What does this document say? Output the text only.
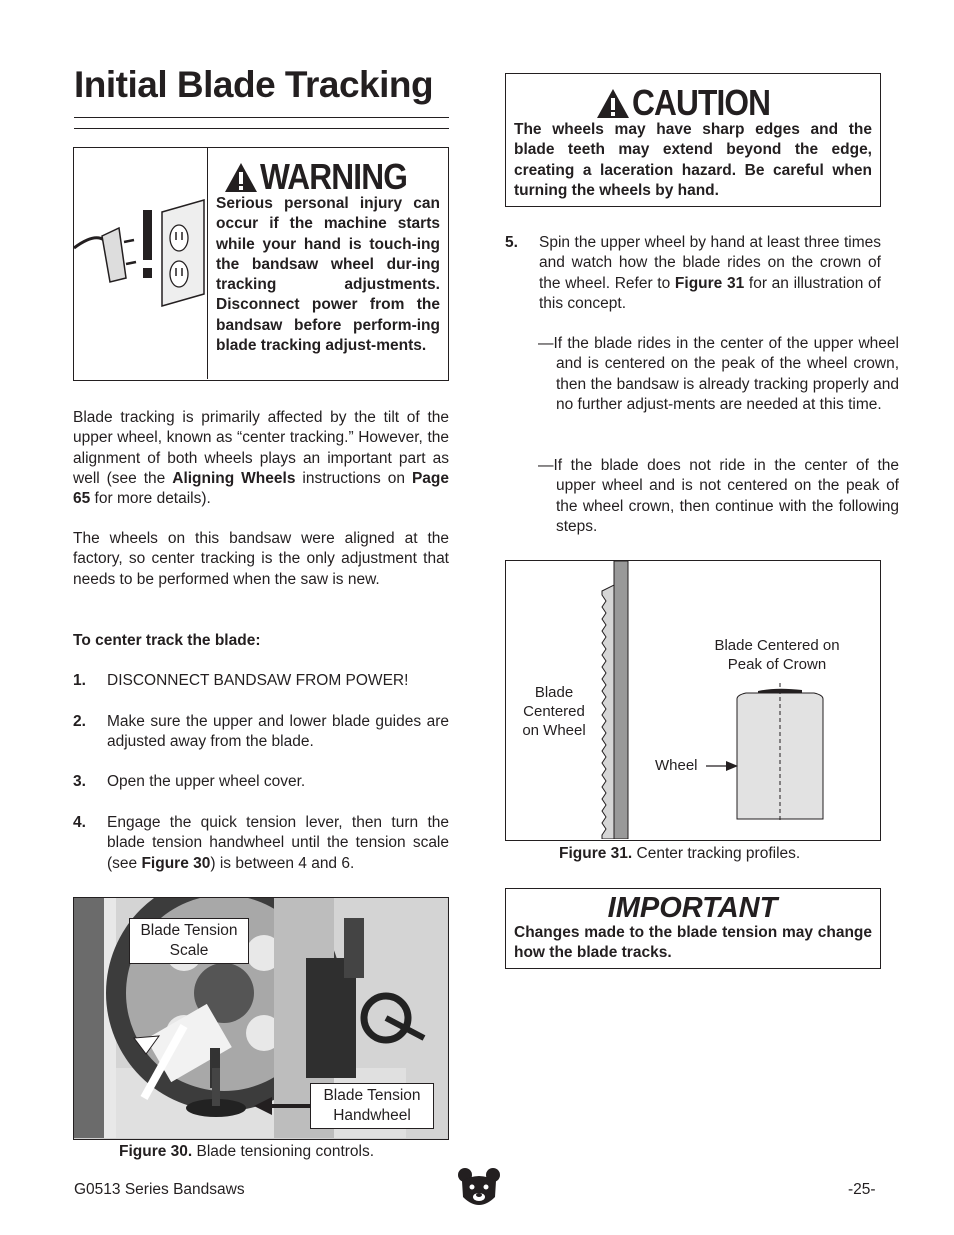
Initial Blade Tracking
WARNING
Serious personal injury can occur if the machine starts while your hand is touch-ing the bandsaw wheel dur-ing tracking adjustments. Disconnect power from the bandsaw before perform-ing blade tracking adjust-ments.
Blade tracking is primarily affected by the tilt of the upper wheel, known as “center tracking.” However, the alignment of both wheels plays an important part as well (see the Aligning Wheels instructions on Page 65 for more details).
The wheels on this bandsaw were aligned at the factory, so center tracking is the only adjustment that needs to be performed when the saw is new.
To center track the blade:
1.	DISCONNECT BANDSAW FROM POWER!
2.	Make sure the upper and lower blade guides are adjusted away from the blade.
3.	Open the upper wheel cover.
4.	Engage the quick tension lever, then turn the blade tension handwheel until the tension scale (see Figure 30) is between 4 and 6.
Blade Tension Scale
Blade Tension Handwheel
Figure 30. Blade tensioning controls.
CAUTION
The wheels may have sharp edges and the blade teeth may extend beyond the edge, creating a laceration hazard. Be careful when turning the wheels by hand.
5.	Spin the upper wheel by hand at least three times and watch how the blade rides on the crown of the wheel. Refer to Figure 31 for an illustration of this concept.
—If the blade rides in the center of the upper wheel and is centered on the peak of the wheel crown, then the bandsaw is already tracking properly and no further adjust-ments are needed at this time.
—If the blade does not ride in the center of the upper wheel and is not centered on the peak of the wheel crown, then continue with the following steps.
Blade Centered on Wheel
Blade Centered on Peak of Crown
Wheel
Figure 31. Center tracking profiles.
IMPORTANT
Changes made to the blade tension may change how the blade tracks.
G0513 Series Bandsaws	-25-
